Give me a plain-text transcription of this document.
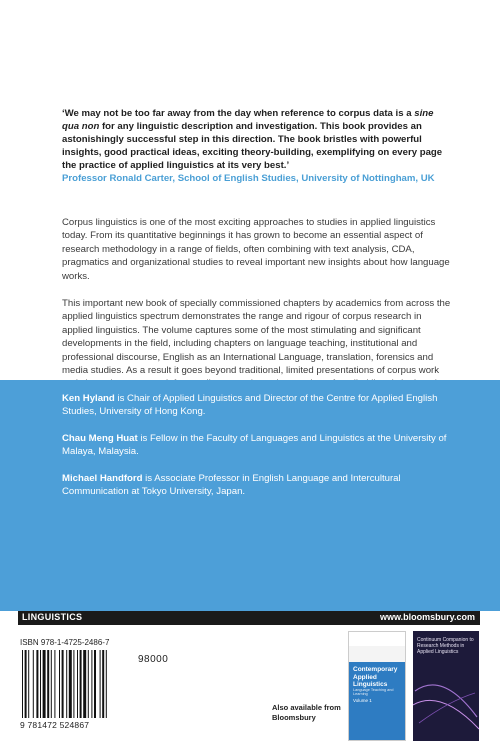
‘We may not be too far away from the day when reference to corpus data is a sine qua non for any linguistic description and investigation. This book provides an astonishingly successful step in this direction. The book bristles with powerful insights, good practical ideas, exciting theory-building, exemplifying on every page the practice of applied linguistics at its very best.’
Professor Ronald Carter, School of English Studies, University of Nottingham, UK
Corpus linguistics is one of the most exciting approaches to studies in applied linguistics today. From its quantitative beginnings it has grown to become an essential aspect of research methodology in a range of fields, often combining with text analysis, CDA, pragmatics and organizational studies to reveal important new insights about how language works.
This important new book of specially commissioned chapters by academics from across the applied linguistics spectrum demonstrates the range and rigour of corpus research in applied linguistics. The volume captures some of the most stimulating and significant developments in the field, including chapters on language teaching, institutional and professional discourse, English as an International Language, translation, forensics and media studies. As a result it goes beyond traditional, limited presentations of corpus work
Ken Hyland is Chair of Applied Linguistics and Director of the Centre for Applied English Studies, University of Hong Kong.
Chau Meng Huat is Fellow in the Faculty of Languages and Linguistics at the University of Malaya, Malaysia.
Michael Handford is Associate Professor in English Language and Intercultural Communication at Tokyo University, Japan.
LINGUISTICS	www.bloomsbury.com
ISBN 978-1-4725-2486-7
98000
9 781472 524867
Also available from Bloomsbury
Contemporary Applied Linguistics
Language Teaching and Learning
Volume 1
Continuum Companion to Research Methods in Applied Linguistics
